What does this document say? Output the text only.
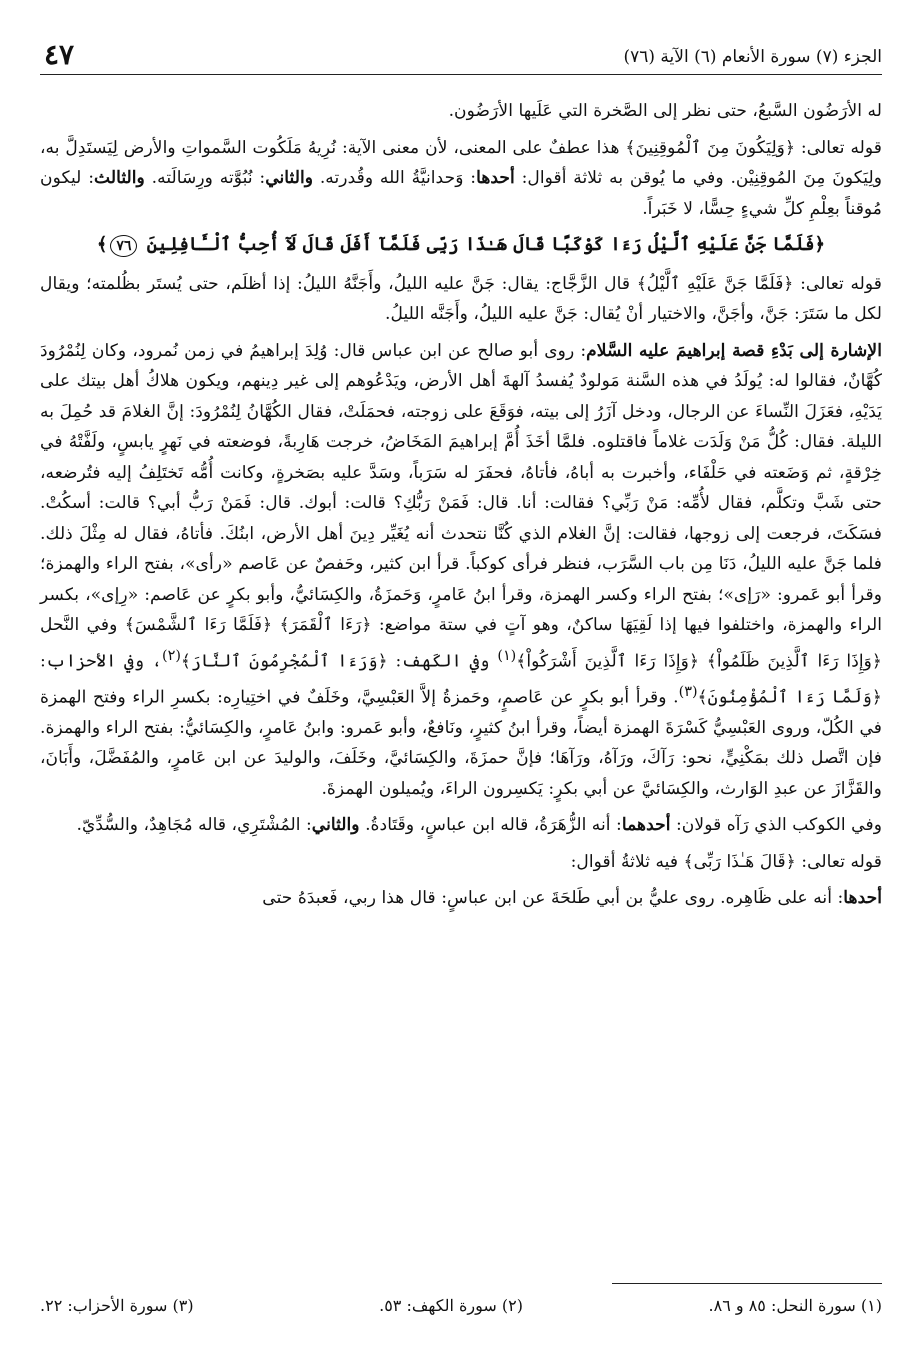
٤٧	الجزء (٧) سورة الأنعام (٦) الآية (٧٦)

له الأرَضُون السَّبعُ، حتى نظر إلى الصَّخرة التي عَلَيها الأرَضُون.

قوله تعالى: ﴿وَلِيَكُونَ مِنَ ٱلْمُوقِنِينَ﴾ هذا عطفٌ على المعنى، لأن معنى الآية: نُرِيهُ مَلَكُوت السَّمواتِ والأرض لِيَستَدِلَّ به، ولِيَكونَ مِنَ المُوقِنِيْن. وفي ما يُوقن به ثلاثة أقوال: أحدها: وَحدانيَّةُ الله وقُدرته. والثاني: نُبُوَّته ورِسَالَته. والثالث: ليكون مُوقناً بعِلْمِ كلِّ شيءٍ حِسًّا، لا خَبَراً.

﴿فَلَمَّا جَنَّ عَلَيْهِ ٱلَّيْلُ رَءَا كَوْكَبًا قَالَ هَـٰذَا رَبِّى فَلَمَّآ أَفَلَ قَالَ لَآ أُحِبُّ ٱلْـَٔافِلِينَ ٧٦﴾

قوله تعالى: ﴿فَلَمَّا جَنَّ عَلَيْهِ ٱلَّيْلُ﴾ قال الزَّجَّاج: يقال: جَنَّ عليه الليلُ، وأَجَنَّهُ الليلُ: إذا أظلَم، حتى يُستَر بظُلمته؛ ويقال لكل ما سَتَرَ: جَنَّ، وأجَنَّ، والاختيار أنْ يُقال: جَنَّ عليه الليلُ، وأَجَنَّه الليلُ.

الإشارة إلى بَدْءِ قصة إبراهيمَ عليه السَّلام: روى أبو صالح عن ابن عباس قال: وُلِدَ إبراهيمُ في زمن نُمرود، وكان لِنُمْرُودَ كُهَّانٌ، فقالوا له: يُولَدُ في هذه السَّنة مَولودٌ يُفسدُ آلهةَ أهل الأرض، ويَدْعُوهم إلى غير دِينهم، ويكون هلاكُ أهل بيتك على يَدَيْهِ، فعَزَلَ النِّساءَ عن الرجال، ودخل آزَرُ إلى بيته، فوَقَعَ على زوجته، فحمَلَتْ، فقال الكُهَّانُ لِنُمْرُودَ: إنَّ الغلامَ قد حُمِلَ به الليلة. فقال: كُلُّ مَنْ وَلَدَت غلاماً فاقتلوه. فلمَّا أخَذَ أُمَّ إبراهيمَ المَخَاضُ، خرجت هَارِبةً، فوضعته في نَهرٍ يابسٍ، ولَفَّتْهُ في خِرْقةٍ، ثم وَضَعته في حَلْفَاء، وأخبرت به أباهُ، فأتاهُ، فحفَرَ له سَرَباً، وسَدَّ عليه بصَخرةٍ، وكانت أُمُّه تَختَلِفُ إليه فتُرضعه، حتى شَبَّ وتكلَّم، فقال لأُمِّه: مَنْ رَبِّي؟ فقالت: أنا. قال: فَمَنْ رَبُّكِ؟ قالت: أبوك. قال: فَمَنْ رَبُّ أبي؟ قالت: أسكُتْ. فسَكَتَ، فرجعت إلى زوجها، فقالت: إنَّ الغلام الذي كُنَّا نتحدث أنه يُغَيِّر دِينَ أهل الأرض، ابنُكَ. فأتاهُ، فقال له مِثْلَ ذلك. فلما جَنَّ عليه الليلُ، دَنَا مِن باب السَّرَب، فنظر فرأى كوكباً. قرأ ابن كثير، وحَفصٌ عن عَاصم «رأى»، بفتح الراء والهمزة؛ وقرأ أبو عَمرو: «رَإى»؛ بفتح الراء وكسر الهمزة، وقرأ ابنُ عَامرٍ، وَحَمزَةُ، والكِسَائيُّ، وأبو بكرٍ عن عَاصم: «رِإى»، بكسر الراء والهمزة، واختلفوا فيها إذا لَقِيَهَا ساكنٌ، وهو آتٍ في ستة مواضع: ﴿رَءَا ٱلْقَمَرَ﴾ ﴿فَلَمَّا رَءَا ٱلشَّمْسَ﴾ وفي النَّحل ﴿وَإِذَا رَءَا ٱلَّذِينَ ظَلَمُواْ﴾ ﴿وَإِذَا رَءَا ٱلَّذِينَ أَشْرَكُواْ﴾$^{(١)}$ وفي الكَهف: ﴿وَرَءَا ٱلْمُجْرِمُونَ ٱلنَّارَ﴾$^{(٢)}$، وفي الأحزاب: ﴿وَلَمَّا رَءَا ٱلْمُؤْمِنُونَ﴾$^{(٣)}$. وقرأ أبو بكرٍ عن عَاصمٍ، وحَمزةُ إلاَّ العَبْسِيَّ، وخَلَفٌ في اختِيارِه: بكسرِ الراء وفتح الهمزة في الكُلّ، وروى العَبْسِيُّ كَسْرَةَ الهمزة أيضاً، وقرأ ابنُ كثيرٍ، ونَافعٌ، وأبو عَمرو: وابنُ عَامرٍ، والكِسَائيُّ: بفتح الراء والهمزة. فإن اتَّصل ذلك بمَكْنِيٍّ، نحو: رَآكَ، ورَآهُ، ورَآهَا؛ فإنَّ حمزَةَ، والكِسَائيَّ، وخَلَفَ، والوليدَ عن ابن عَامرٍ، والمُفَضَّلَ، وأَبَانَ، والقَزَّازَ عن عبدِ الوَارث، والكِسَائيَّ عن أبي بكرٍ: يَكسِرون الراءَ، ويُميلون الهمزةَ.

وفي الكوكب الذي رَآه قولان: أحدهما: أنه الزُّهَرَةُ، قاله ابن عباسٍ، وقَتَادةُ. والثاني: المُشْتَرِي، قاله مُجَاهِدٌ، والسُّدِّيّ.

قوله تعالى: ﴿قَالَ هَـٰذَا رَبِّى﴾ فيه ثلاثةُ أقوال:

أحدها: أنه على ظَاهِره. روى عليُّ بن أبي طَلحَةَ عن ابن عباسٍ: قال هذا ربي، فَعبدَهُ حتى

(١) سورة النحل: ٨٥ و ٨٦.
(٢) سورة الكهف: ٥٣.
(٣) سورة الأحزاب: ٢٢.
